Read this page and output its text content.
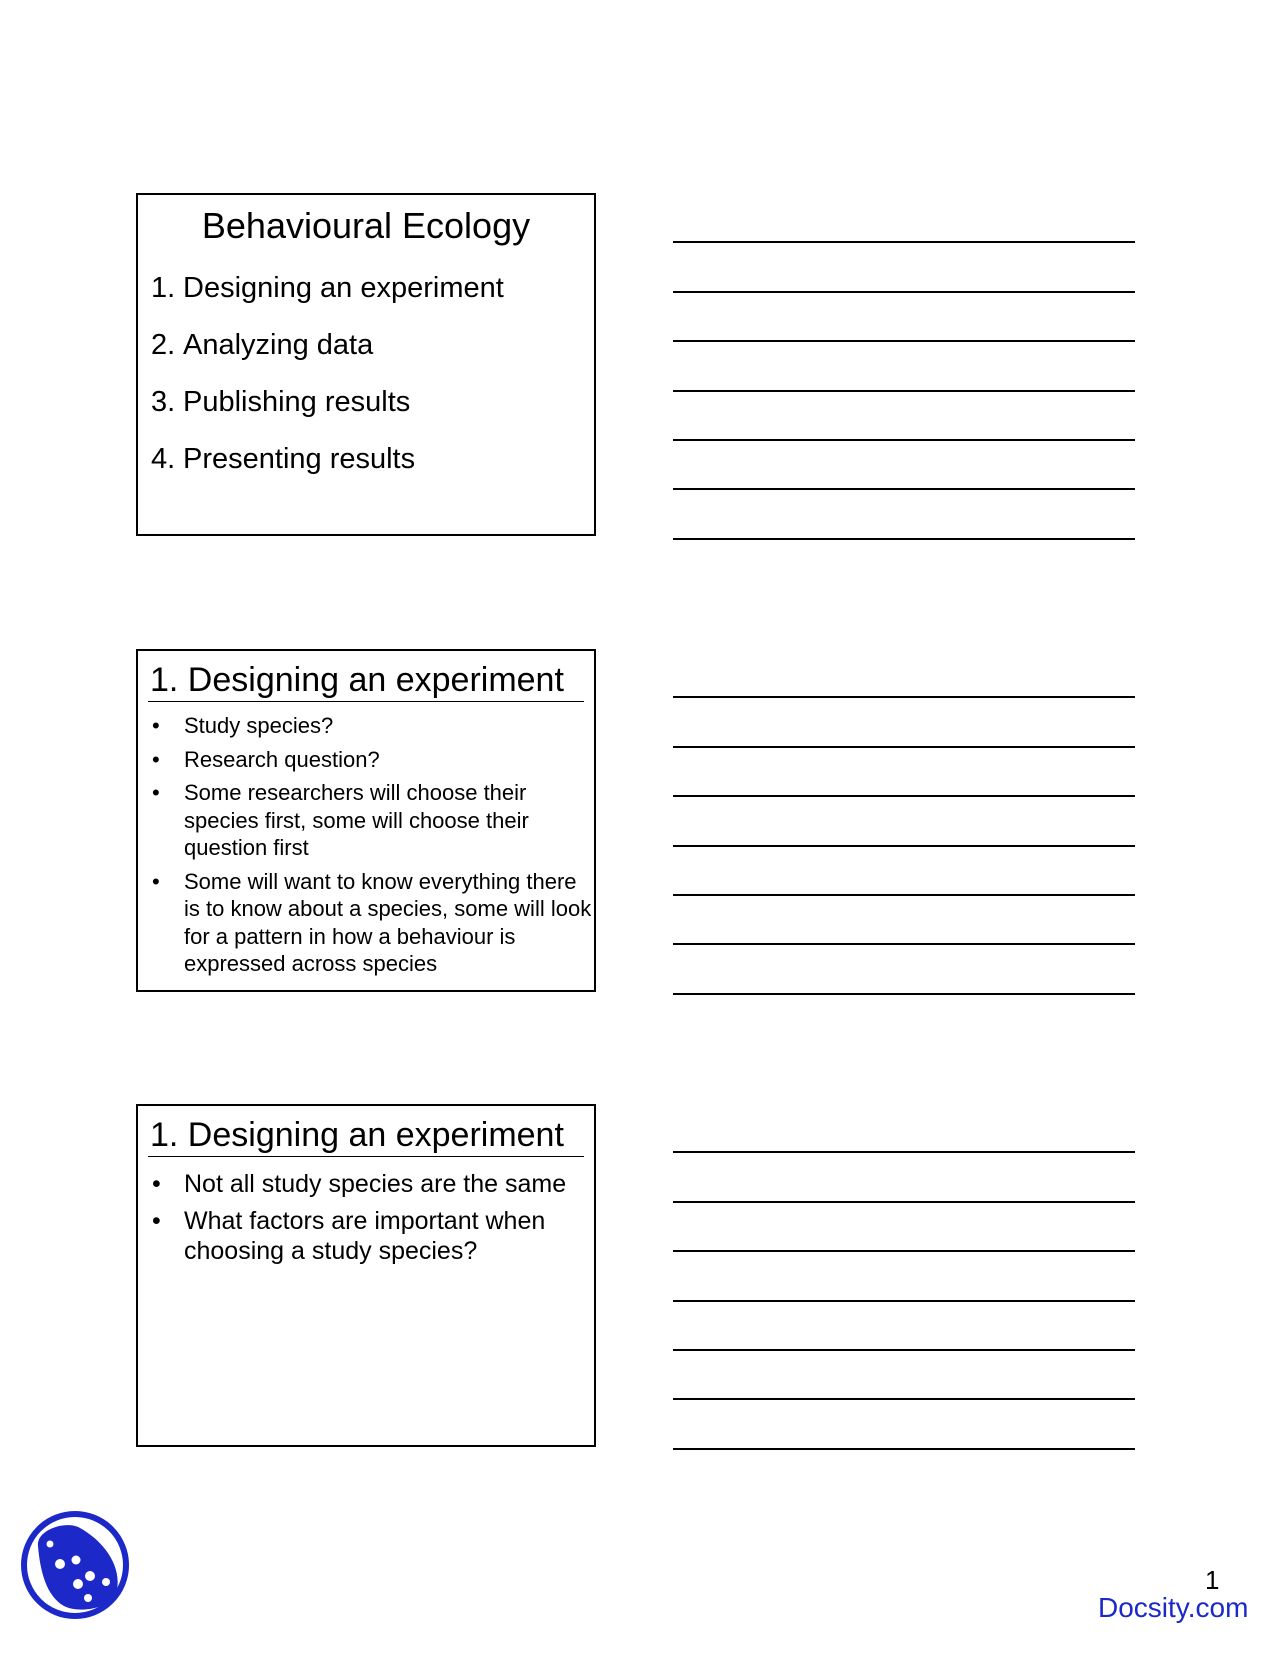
Behavioural Ecology
1. Designing an experiment
2. Analyzing data
3. Publishing results
4. Presenting results
1. Designing an experiment
•	Study species?
•	Research question?
•	Some researchers will choose their species first, some will choose their question first
•	Some will want to know everything there is to know about a species, some will look for a pattern in how a behaviour is expressed across species
1. Designing an experiment
• Not all study species are the same
• What factors are important when choosing a study species?
1
Docsity.com
